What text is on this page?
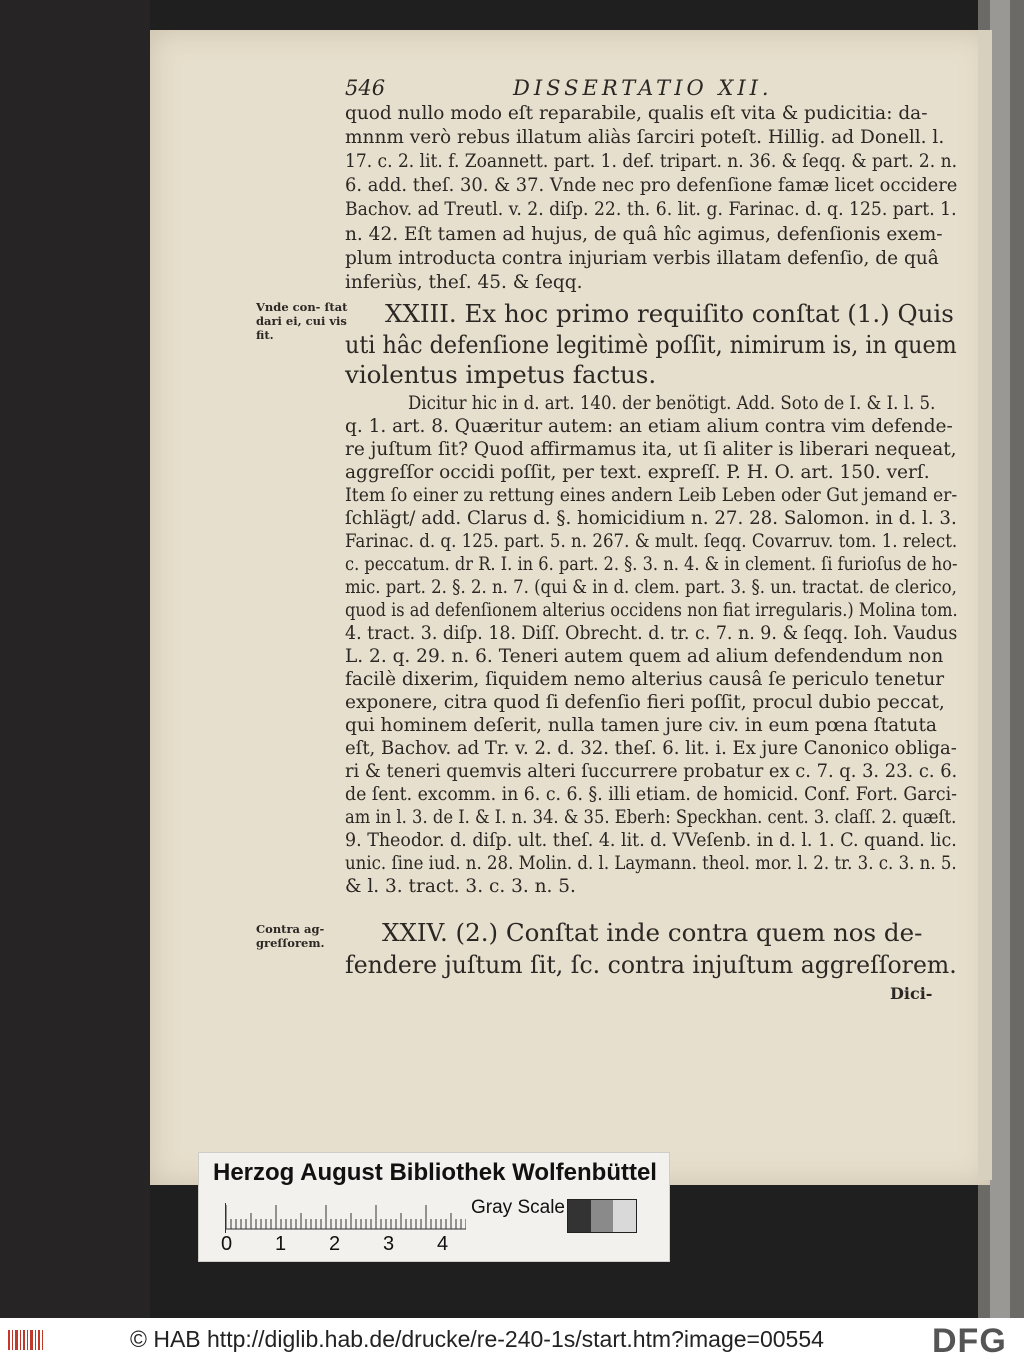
546	DISSERTATIO XII.
quod nullo modo eſt reparabile, qualis eſt vita & pudicitia: da-
mnnm verò rebus illatum aliàs ſarciri poteſt. Hillig. ad Donell. l.
17. c. 2. lit. f. Zoannett. part. 1. def. tripart. n. 36. & ſeqq. & part. 2. n.
6. add. theſ. 30. & 37. Vnde nec pro defenſione famæ licet occidere
Bachov. ad Treutl. v. 2. diſp. 22. th. 6. lit. g. Farinac. d. q. 125. part. 1.
n. 42. Eſt tamen ad hujus, de quâ hîc agimus, defenſionis exem-
plum introducta contra injuriam verbis illatam defenſio, de quâ
inferiùs, theſ. 45. & ſeqq.
XXIII. Ex hoc primo requiſito conſtat (1.) Quis
uti hâc defenſione legitimè poſſit, nimirum is, in quem
violentus impetus factus.
Dicitur hic in d. art. 140. der benötigt. Add. Soto de I. & I. l. 5.
q. 1. art. 8. Quæritur autem: an etiam alium contra vim defende-
re juſtum ſit? Quod affirmamus ita, ut ſi aliter is liberari nequeat,
aggreſſor occidi poſſit, per text. expreſſ. P. H. O. art. 150. verſ.
Item ſo einer zu rettung eines andern Leib Leben oder Gut jemand er-
ſchlägt/ add. Clarus d. §. homicidium n. 27. 28. Salomon. in d. l. 3.
Farinac. d. q. 125. part. 5. n. 267. & mult. ſeqq. Covarruv. tom. 1. relect.
c. peccatum. dr R. I. in 6. part. 2. §. 3. n. 4. & in clement. ſi furioſus de ho-
mic. part. 2. §. 2. n. 7. (qui & in d. clem. part. 3. §. un. tractat. de clerico,
quod is ad defenſionem alterius occidens non fiat irregularis.) Molina tom.
4. tract. 3. diſp. 18. Diſſ. Obrecht. d. tr. c. 7. n. 9. & ſeqq. Ioh. Vaudus
L. 2. q. 29. n. 6. Teneri autem quem ad alium defendendum non
facilè dixerim, ſiquidem nemo alterius causâ ſe periculo tenetur
exponere, citra quod ſi defenſio fieri poſſit, procul dubio peccat,
qui hominem deſerit, nulla tamen jure civ. in eum pœna ſtatuta
eſt, Bachov. ad Tr. v. 2. d. 32. theſ. 6. lit. i. Ex jure Canonico obliga-
ri & teneri quemvis alteri ſuccurrere probatur ex c. 7. q. 3. 23. c. 6.
de ſent. excomm. in 6. c. 6. §. illi etiam. de homicid. Conf. Fort. Garci-
am in l. 3. de I. & I. n. 34. & 35. Eberh: Speckhan. cent. 3. claſſ. 2. quæſt.
9. Theodor. d. diſp. ult. theſ. 4. lit. d. VVeſenb. in d. l. 1. C. quand. lic.
unic. ſine iud. n. 28. Molin. d. l. Laymann. theol. mor. l. 2. tr. 3. c. 3. n. 5.
& l. 3. tract. 3. c. 3. n. 5.
XXIV. (2.) Conſtat inde contra quem nos de-
fendere juſtum ſit, ſc. contra injuſtum aggreſſorem.
Vnde con- ſtat dari ei, cui vis fit.
Contra ag- greſſorem.
Dici-
Herzog August Bibliothek Wolfenbüttel
0 1 2 3 4
Gray Scale
© HAB http://diglib.hab.de/drucke/re-240-1s/start.htm?image=00554	DFG
